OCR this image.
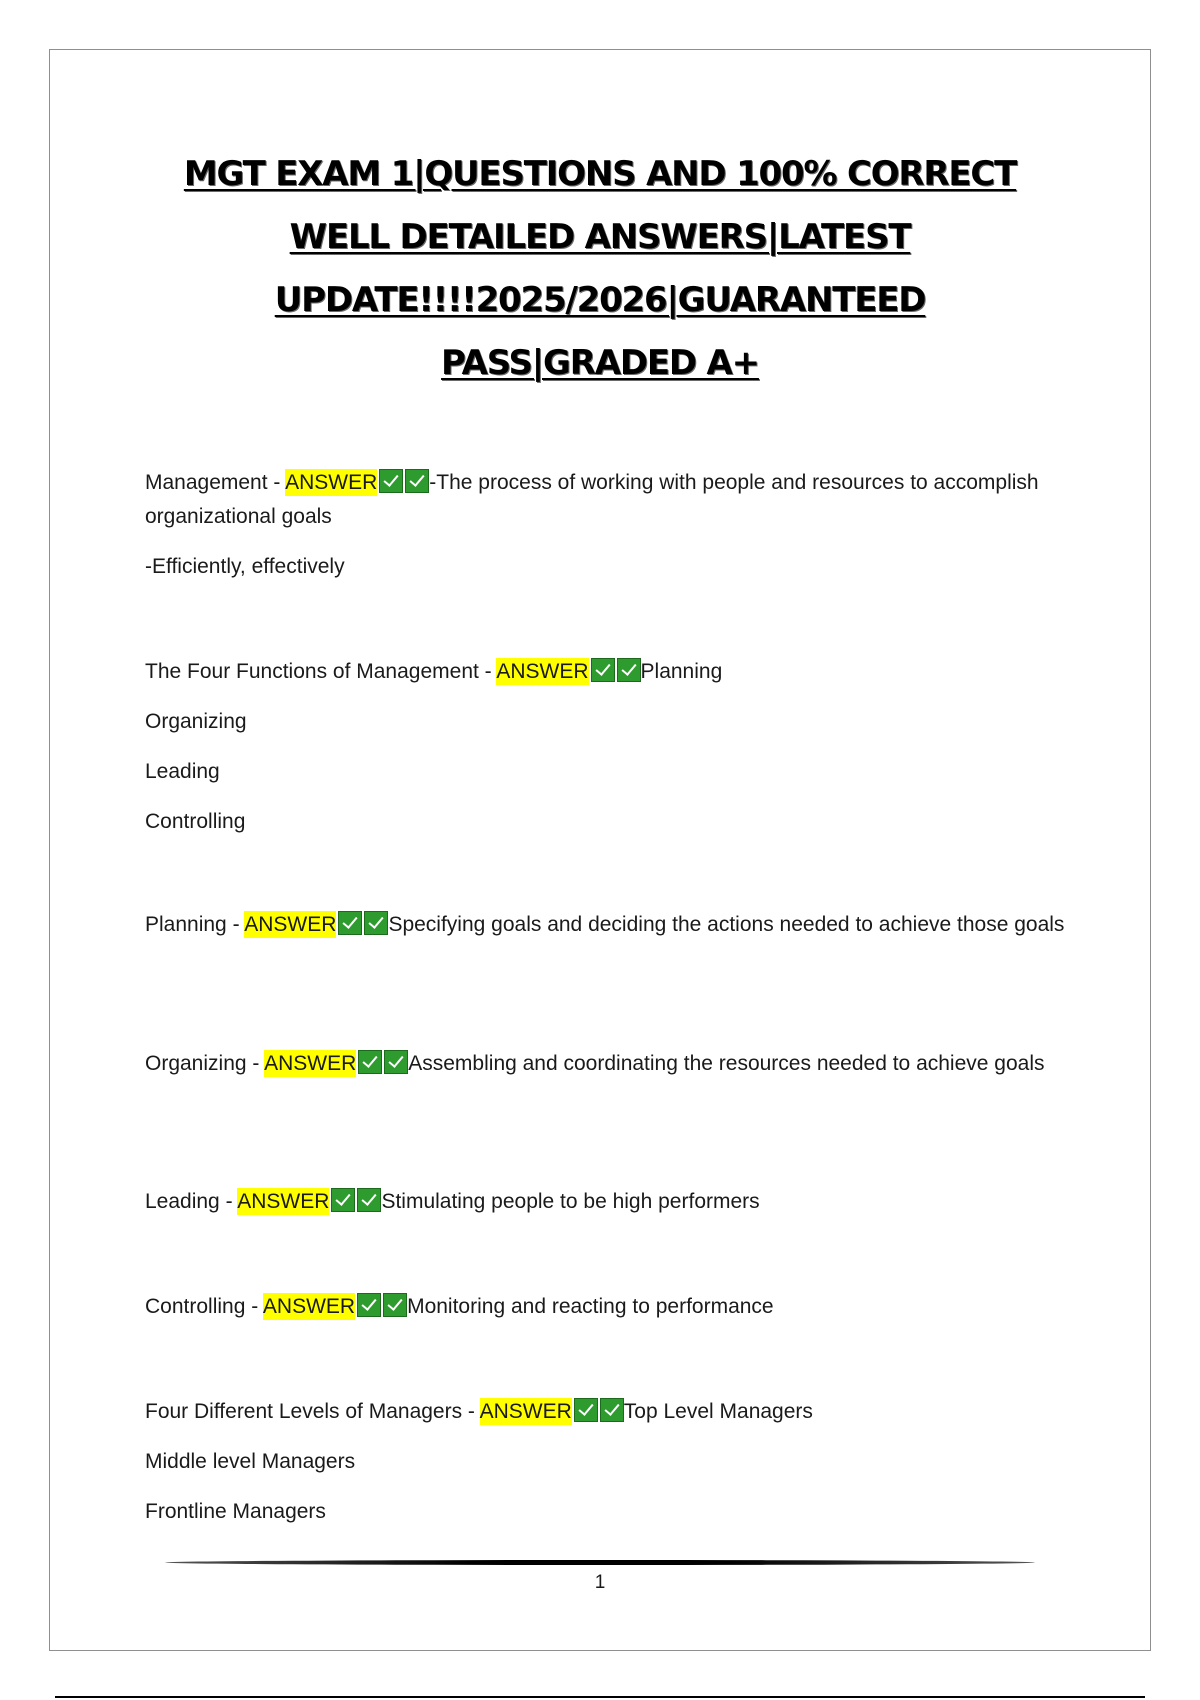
MGT EXAM 1|QUESTIONS AND 100% CORRECT
WELL DETAILED ANSWERS|LATEST
UPDATE!!!!2025/2026|GUARANTEED
PASS|GRADED A+

Management - ANSWER -The process of working with people and resources to accomplish organizational goals

-Efficiently, effectively

The Four Functions of Management - ANSWER Planning

Organizing

Leading

Controlling

Planning - ANSWER Specifying goals and deciding the actions needed to achieve those goals

Organizing - ANSWER Assembling and coordinating the resources needed to achieve goals

Leading - ANSWER Stimulating people to be high performers

Controlling - ANSWER Monitoring and reacting to performance

Four Different Levels of Managers - ANSWER Top Level Managers

Middle level Managers

Frontline Managers

1
